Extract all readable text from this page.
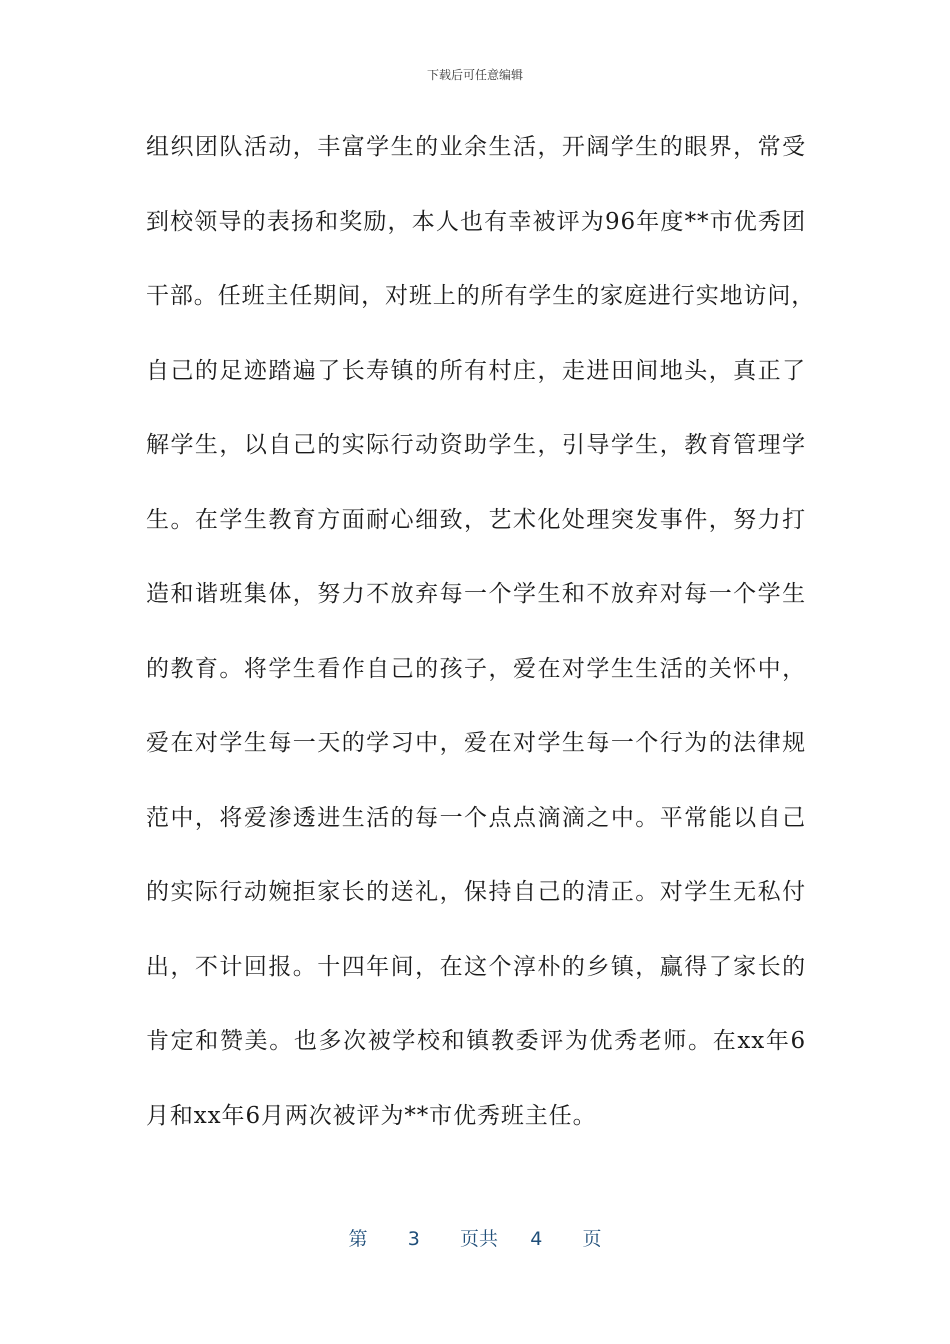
下载后可任意编辑
组织团队活动，丰富学生的业余生活，开阔学生的眼界，常受
到校领导的表扬和奖励，本人也有幸被评为96年度**市优秀团
干部。任班主任期间，对班上的所有学生的家庭进行实地访问，
自己的足迹踏遍了长寿镇的所有村庄，走进田间地头，真正了
解学生，以自己的实际行动资助学生，引导学生，教育管理学
生。在学生教育方面耐心细致，艺术化处理突发事件，努力打
造和谐班集体，努力不放弃每一个学生和不放弃对每一个学生
的教育。将学生看作自己的孩子，爱在对学生生活的关怀中，
爱在对学生每一天的学习中，爱在对学生每一个行为的法律规
范中，将爱渗透进生活的每一个点点滴滴之中。平常能以自己
的实际行动婉拒家长的送礼，保持自己的清正。对学生无私付
出，不计回报。十四年间，在这个淳朴的乡镇，赢得了家长的
肯定和赞美。也多次被学校和镇教委评为优秀老师。在xx年6
月和xx年6月两次被评为**市优秀班主任。
第 3 页共 4 页
